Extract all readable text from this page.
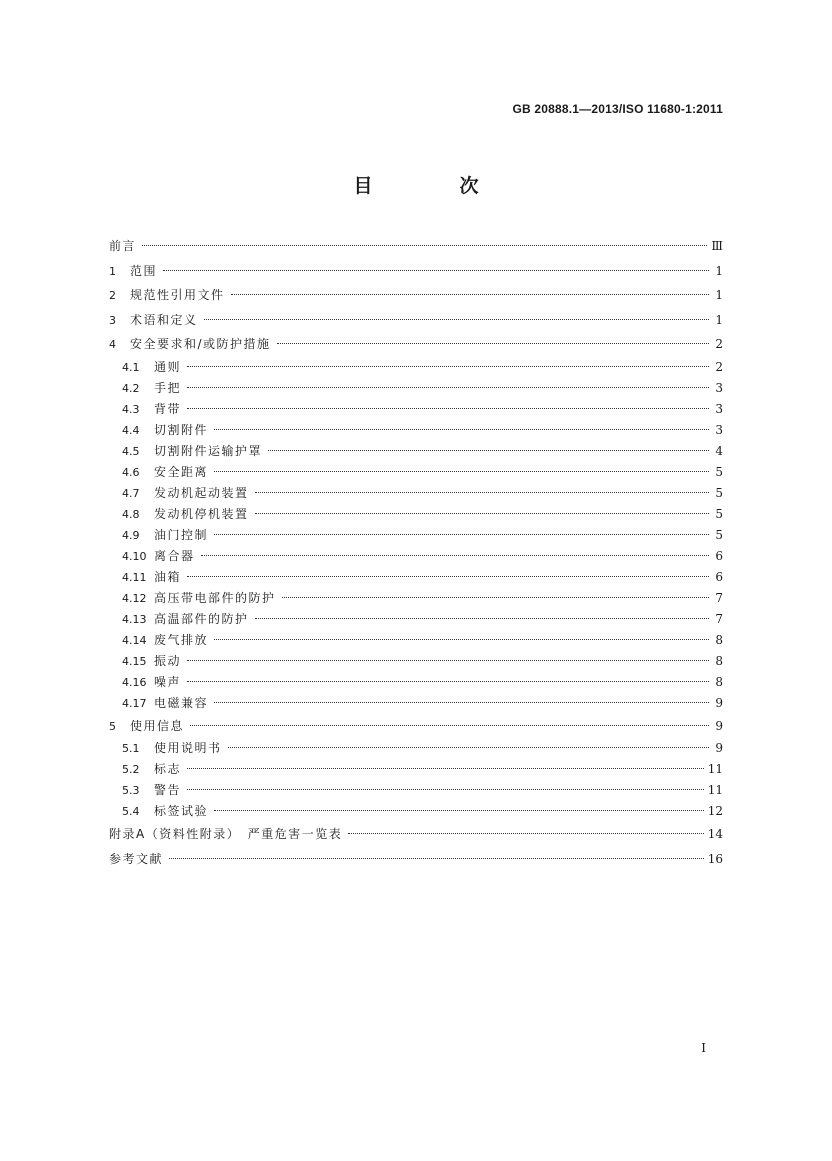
GB 20888.1—2013/ISO 11680-1:2011
目　次
前言	Ⅲ
1	范围	1
2	规范性引用文件	1
3	术语和定义	1
4	安全要求和/或防护措施	2
4.1	通则	2
4.2	手把	3
4.3	背带	3
4.4	切割附件	3
4.5	切割附件运输护罩	4
4.6	安全距离	5
4.7	发动机起动装置	5
4.8	发动机停机装置	5
4.9	油门控制	5
4.10 离合器	6
4.11 油箱	6
4.12 高压带电部件的防护	7
4.13 高温部件的防护	7
4.14 废气排放	8
4.15 振动	8
4.16 噪声	8
4.17 电磁兼容	9
5	使用信息	9
5.1	使用说明书	9
5.2	标志	11
5.3	警告	11
5.4	标签试验	12
附录A（资料性附录）　严重危害一览表	14
参考文献	16
I
